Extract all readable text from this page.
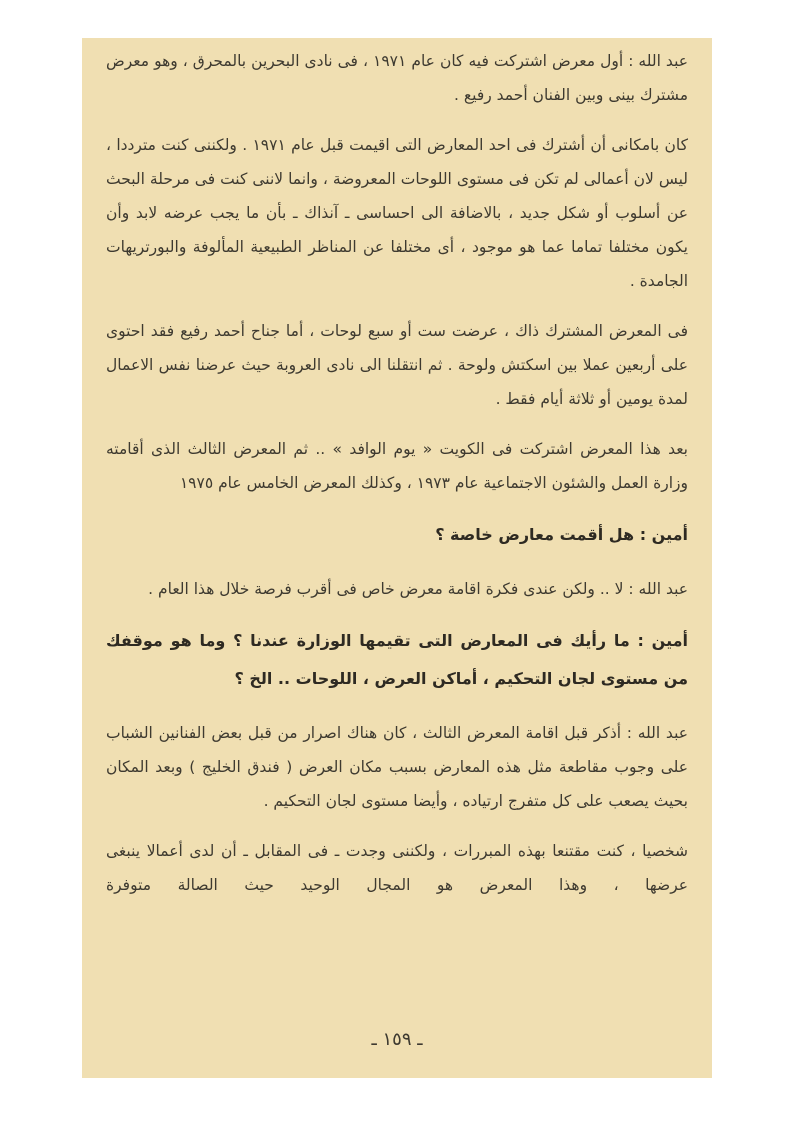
عبد الله : أول معرض اشتركت فيه كان عام ١٩٧١ ، فى نادى البحرين بالمحرق ، وهو معرض مشترك بينى وبين الفنان أحمد رفيع .

كان بامكانى أن أشترك فى احد المعارض التى اقيمت قبل عام ١٩٧١ . ولكننى كنت مترددا ، ليس لان أعمالى لم تكن فى مستوى اللوحات المعروضة ، وانما لاننى كنت فى مرحلة البحث عن أسلوب أو شكل جديد ، بالاضافة الى احساسى ـ آنذاك ـ بأن ما يجب عرضه لابد وأن يكون مختلفا تماما عما هو موجود ، أى مختلفا عن المناظر الطبيعية المألوفة والبورتريهات الجامدة .

فى المعرض المشترك ذاك ، عرضت ست أو سبع لوحات ، أما جناح أحمد رفيع فقد احتوى على أربعين عملا بين اسكتش ولوحة . ثم انتقلنا الى نادى العروبة حيث عرضنا نفس الاعمال لمدة يومين أو ثلاثة أيام فقط .

بعد هذا المعرض اشتركت فى الكويت « يوم الوافد » .. ثم المعرض الثالث الذى أقامته وزارة العمل والشئون الاجتماعية عام ١٩٧٣ ، وكذلك المعرض الخامس عام ١٩٧٥

أمين : هل أقمت معارض خاصة ؟

عبد الله : لا .. ولكن عندى فكرة اقامة معرض خاص فى أقرب فرصة خلال هذا العام .

أمين : ما رأيك فى المعارض التى تقيمها الوزارة عندنا ؟ وما هو موقفك من مستوى لجان التحكيم ، أماكن العرض ، اللوحات .. الخ ؟

عبد الله : أذكر قبل اقامة المعرض الثالث ، كان هناك اصرار من قبل بعض الفنانين الشباب على وجوب مقاطعة مثل هذه المعارض بسبب مكان العرض ( فندق الخليج ) وبعد المكان بحيث يصعب على كل متفرج ارتياده ، وأيضا مستوى لجان التحكيم .

شخصيا ، كنت مقتنعا بهذه المبررات ، ولكننى وجدت ـ فى المقابل ـ أن لدى أعمالا ينبغى عرضها ، وهذا المعرض هو المجال الوحيد حيث الصالة متوفرة

ـ ١٥٩ ـ
